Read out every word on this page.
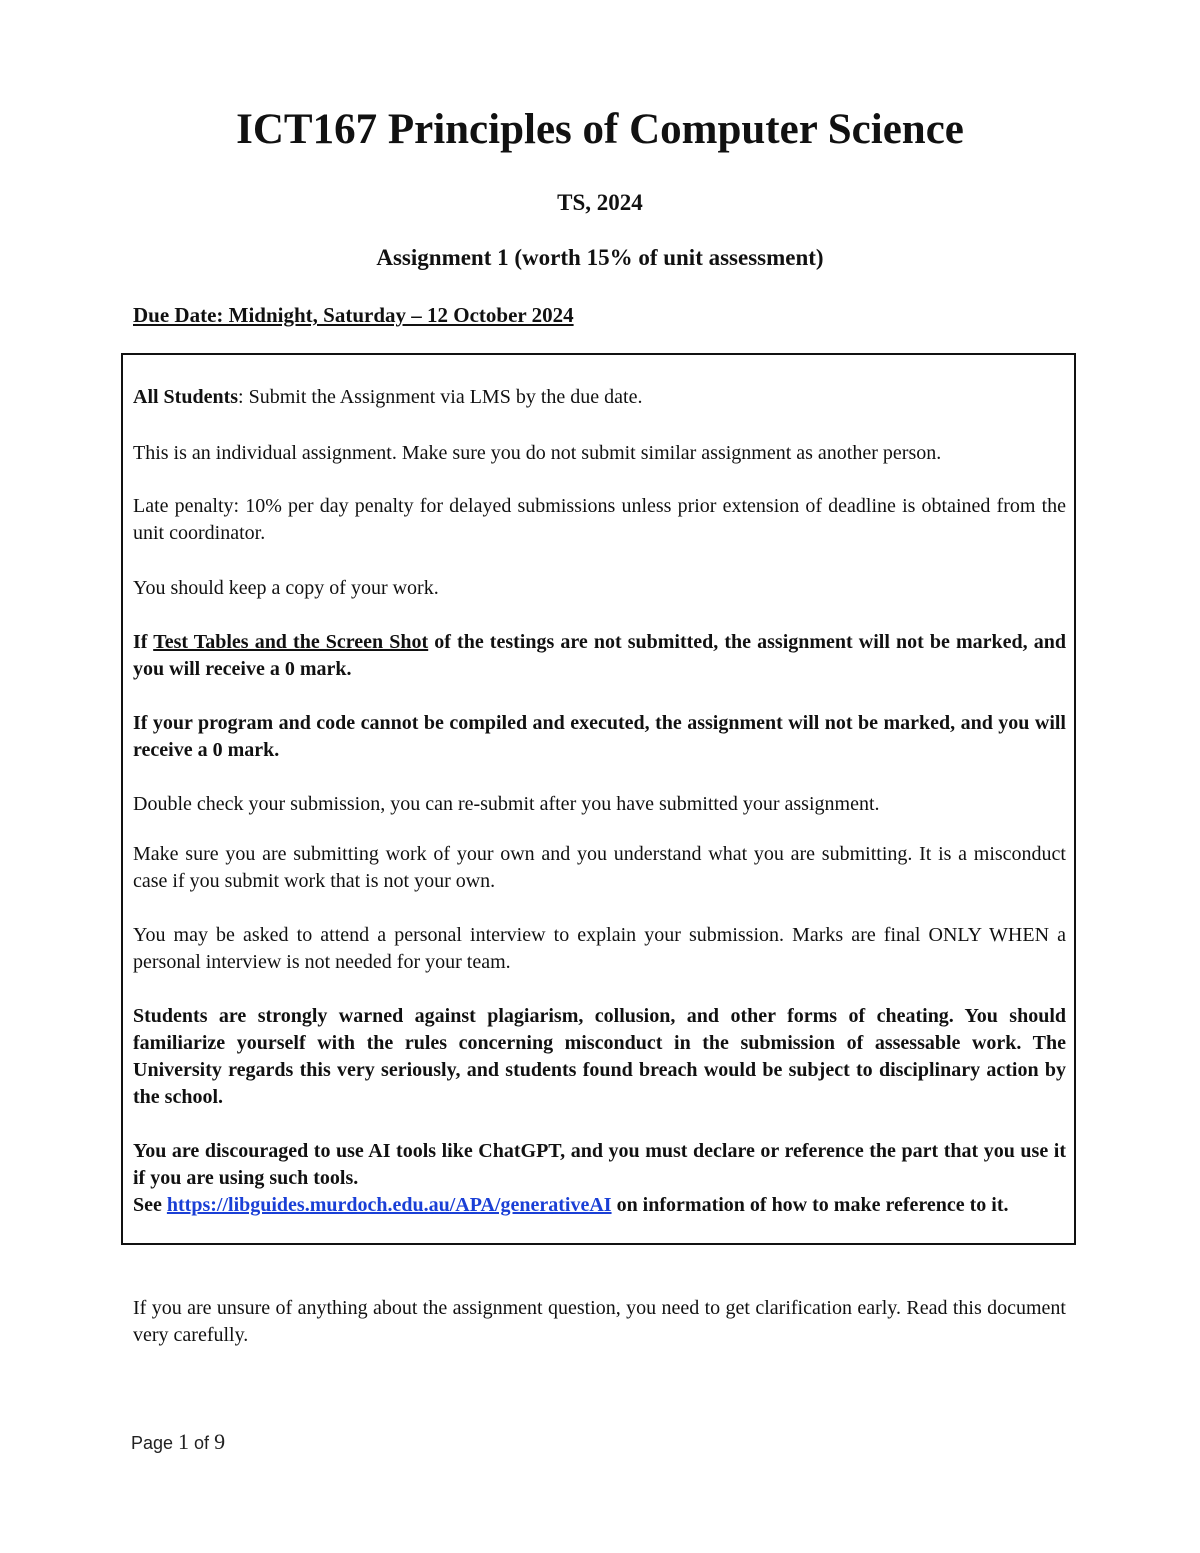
ICT167 Principles of Computer Science

TS, 2024

Assignment 1 (worth 15% of unit assessment)

Due Date: Midnight, Saturday – 12 October 2024

All Students: Submit the Assignment via LMS by the due date.

This is an individual assignment. Make sure you do not submit similar assignment as another person.

Late penalty: 10% per day penalty for delayed submissions unless prior extension of deadline is obtained from the unit coordinator.

You should keep a copy of your work.

If Test Tables and the Screen Shot of the testings are not submitted, the assignment will not be marked, and you will receive a 0 mark.

If your program and code cannot be compiled and executed, the assignment will not be marked, and you will receive a 0 mark.

Double check your submission, you can re-submit after you have submitted your assignment.

Make sure you are submitting work of your own and you understand what you are submitting. It is a misconduct case if you submit work that is not your own.

You may be asked to attend a personal interview to explain your submission. Marks are final ONLY WHEN a personal interview is not needed for your team.

Students are strongly warned against plagiarism, collusion, and other forms of cheating. You should familiarize yourself with the rules concerning misconduct in the submission of assessable work. The University regards this very seriously, and students found breach would be subject to disciplinary action by the school.

You are discouraged to use AI tools like ChatGPT, and you must declare or reference the part that you use it if you are using such tools.

See https://libguides.murdoch.edu.au/APA/generativeAI on information of how to make reference to it.

If you are unsure of anything about the assignment question, you need to get clarification early. Read this document very carefully.

Page 1 of 9
